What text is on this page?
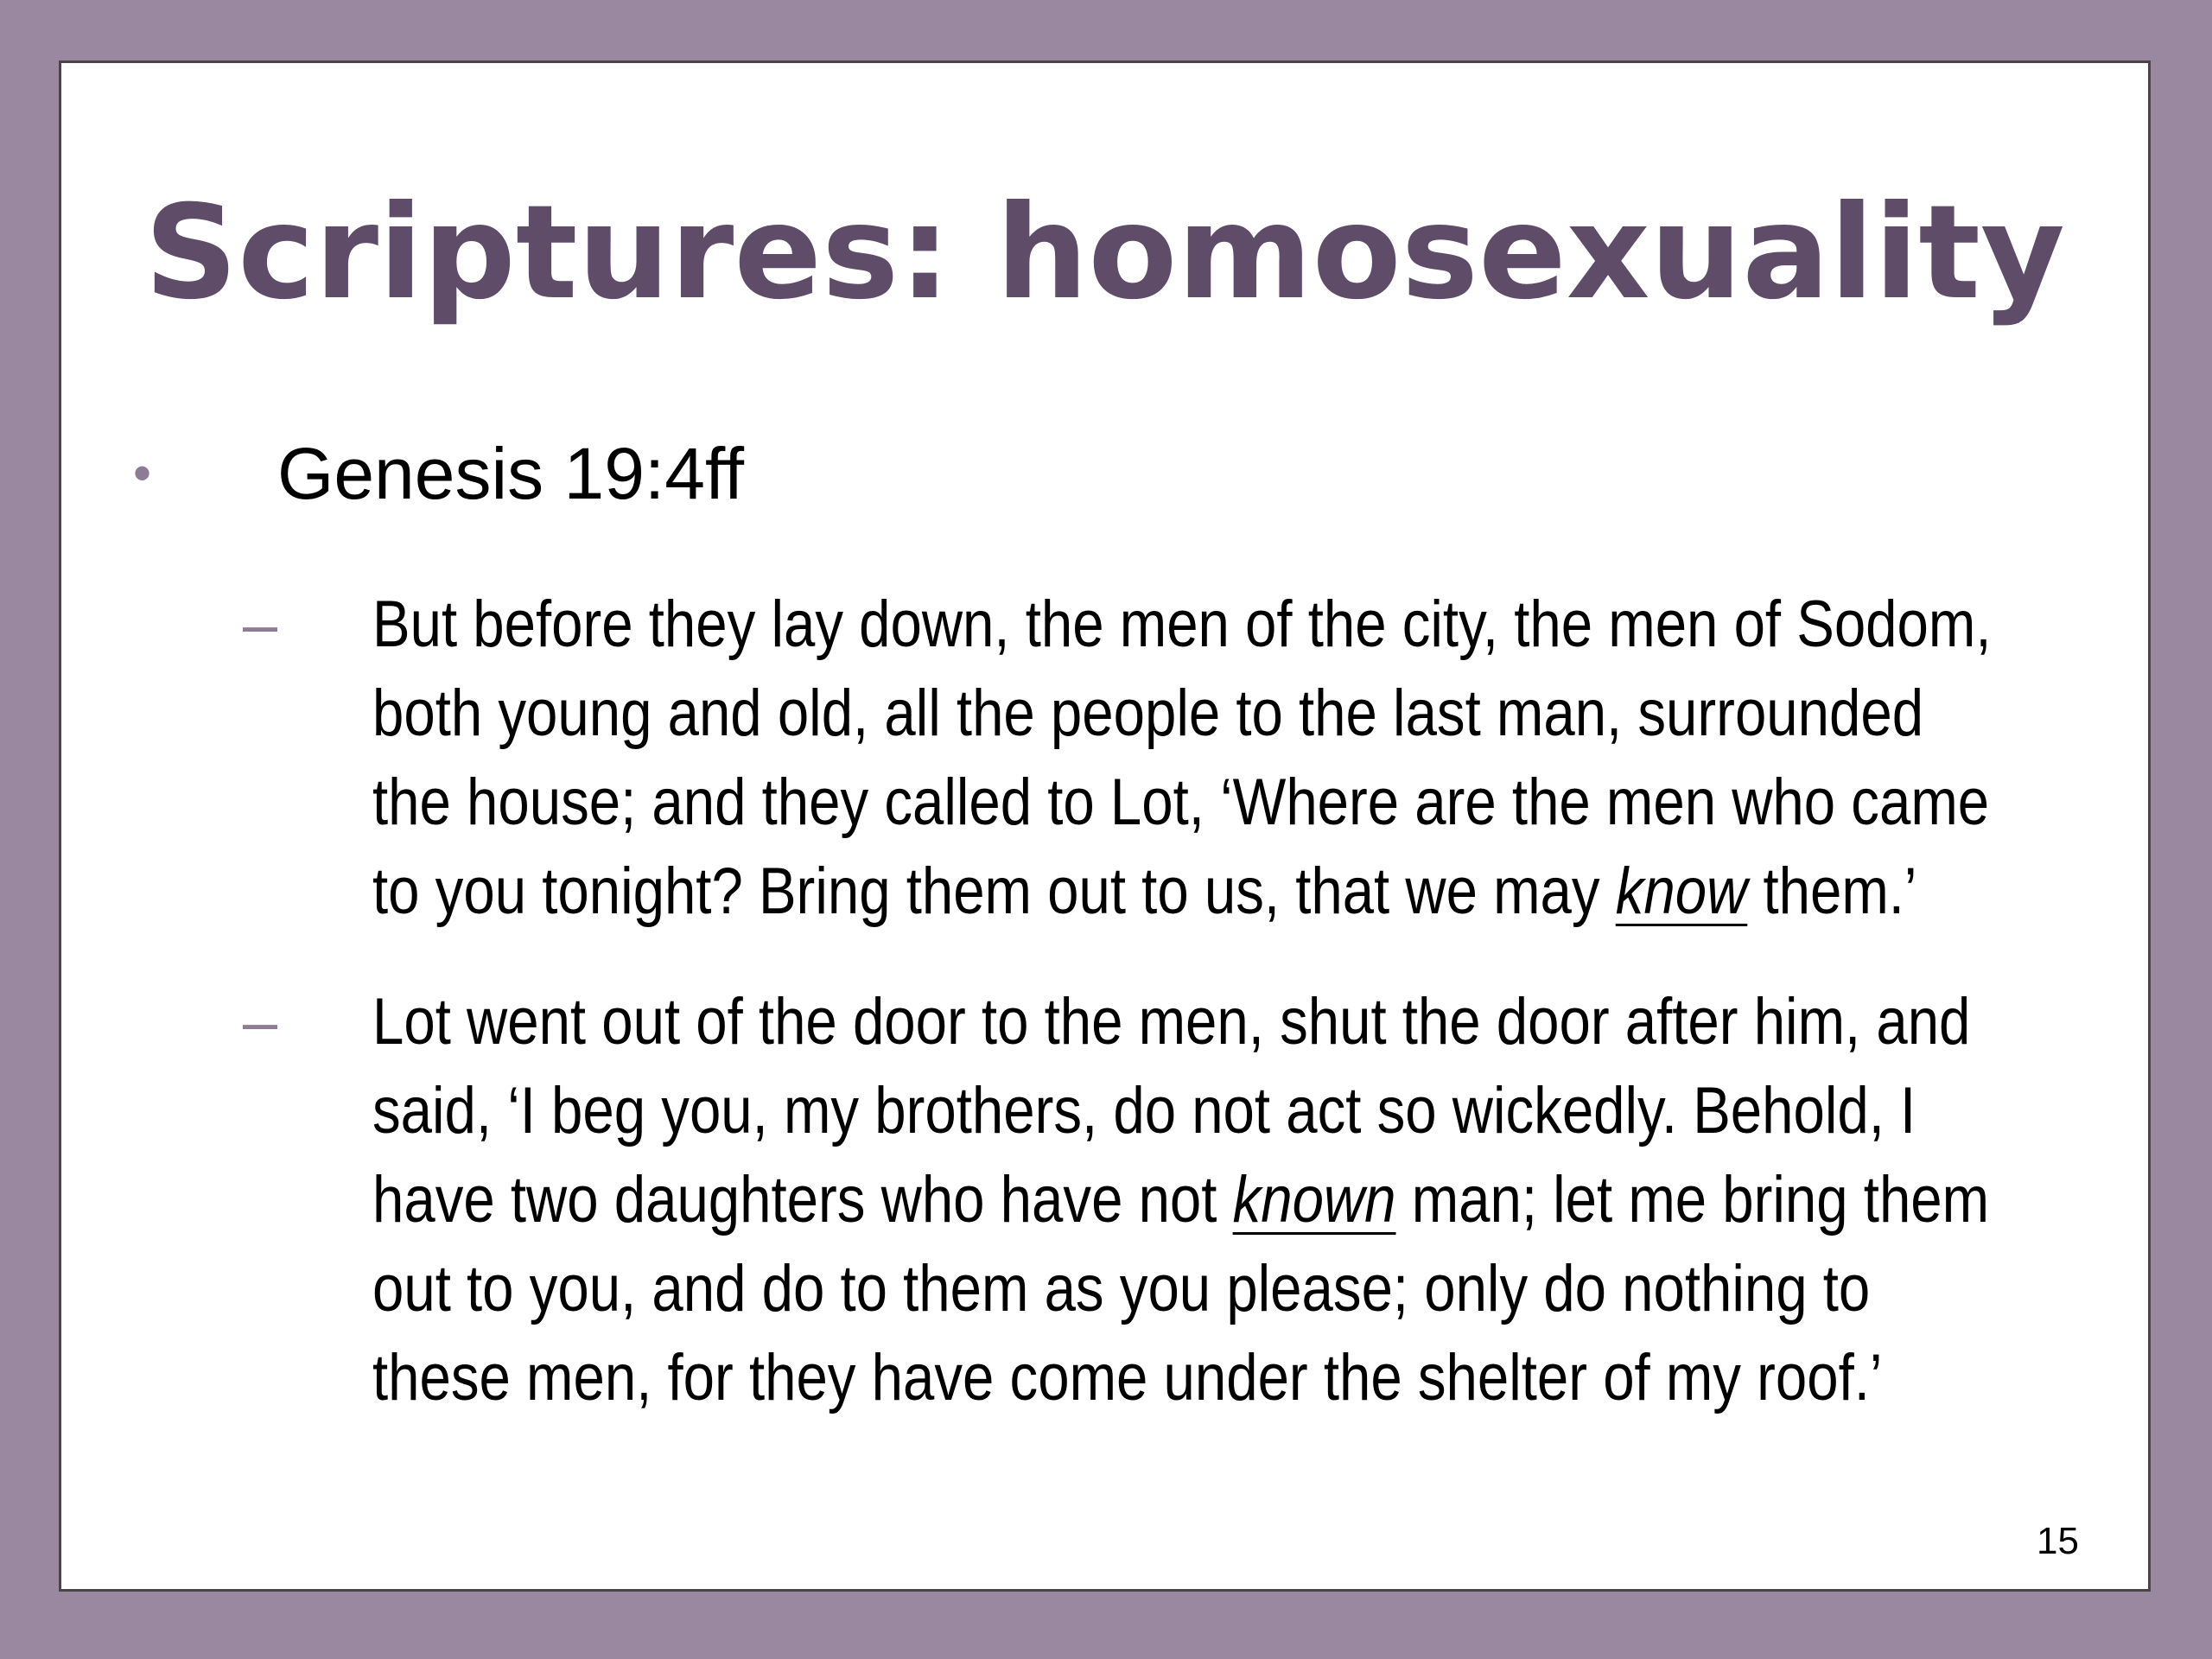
Scriptures: homosexuality
• Genesis 19:4ff
– But before they lay down, the men of the city, the men of Sodom,
both young and old, all the people to the last man, surrounded
the house; and they called to Lot, ‘Where are the men who came
to you tonight? Bring them out to us, that we may know them.’
– Lot went out of the door to the men, shut the door after him, and
said, ‘I beg you, my brothers, do not act so wickedly. Behold, I
have two daughters who have not known man; let me bring them
out to you, and do to them as you please; only do nothing to
these men, for they have come under the shelter of my roof.’
15
